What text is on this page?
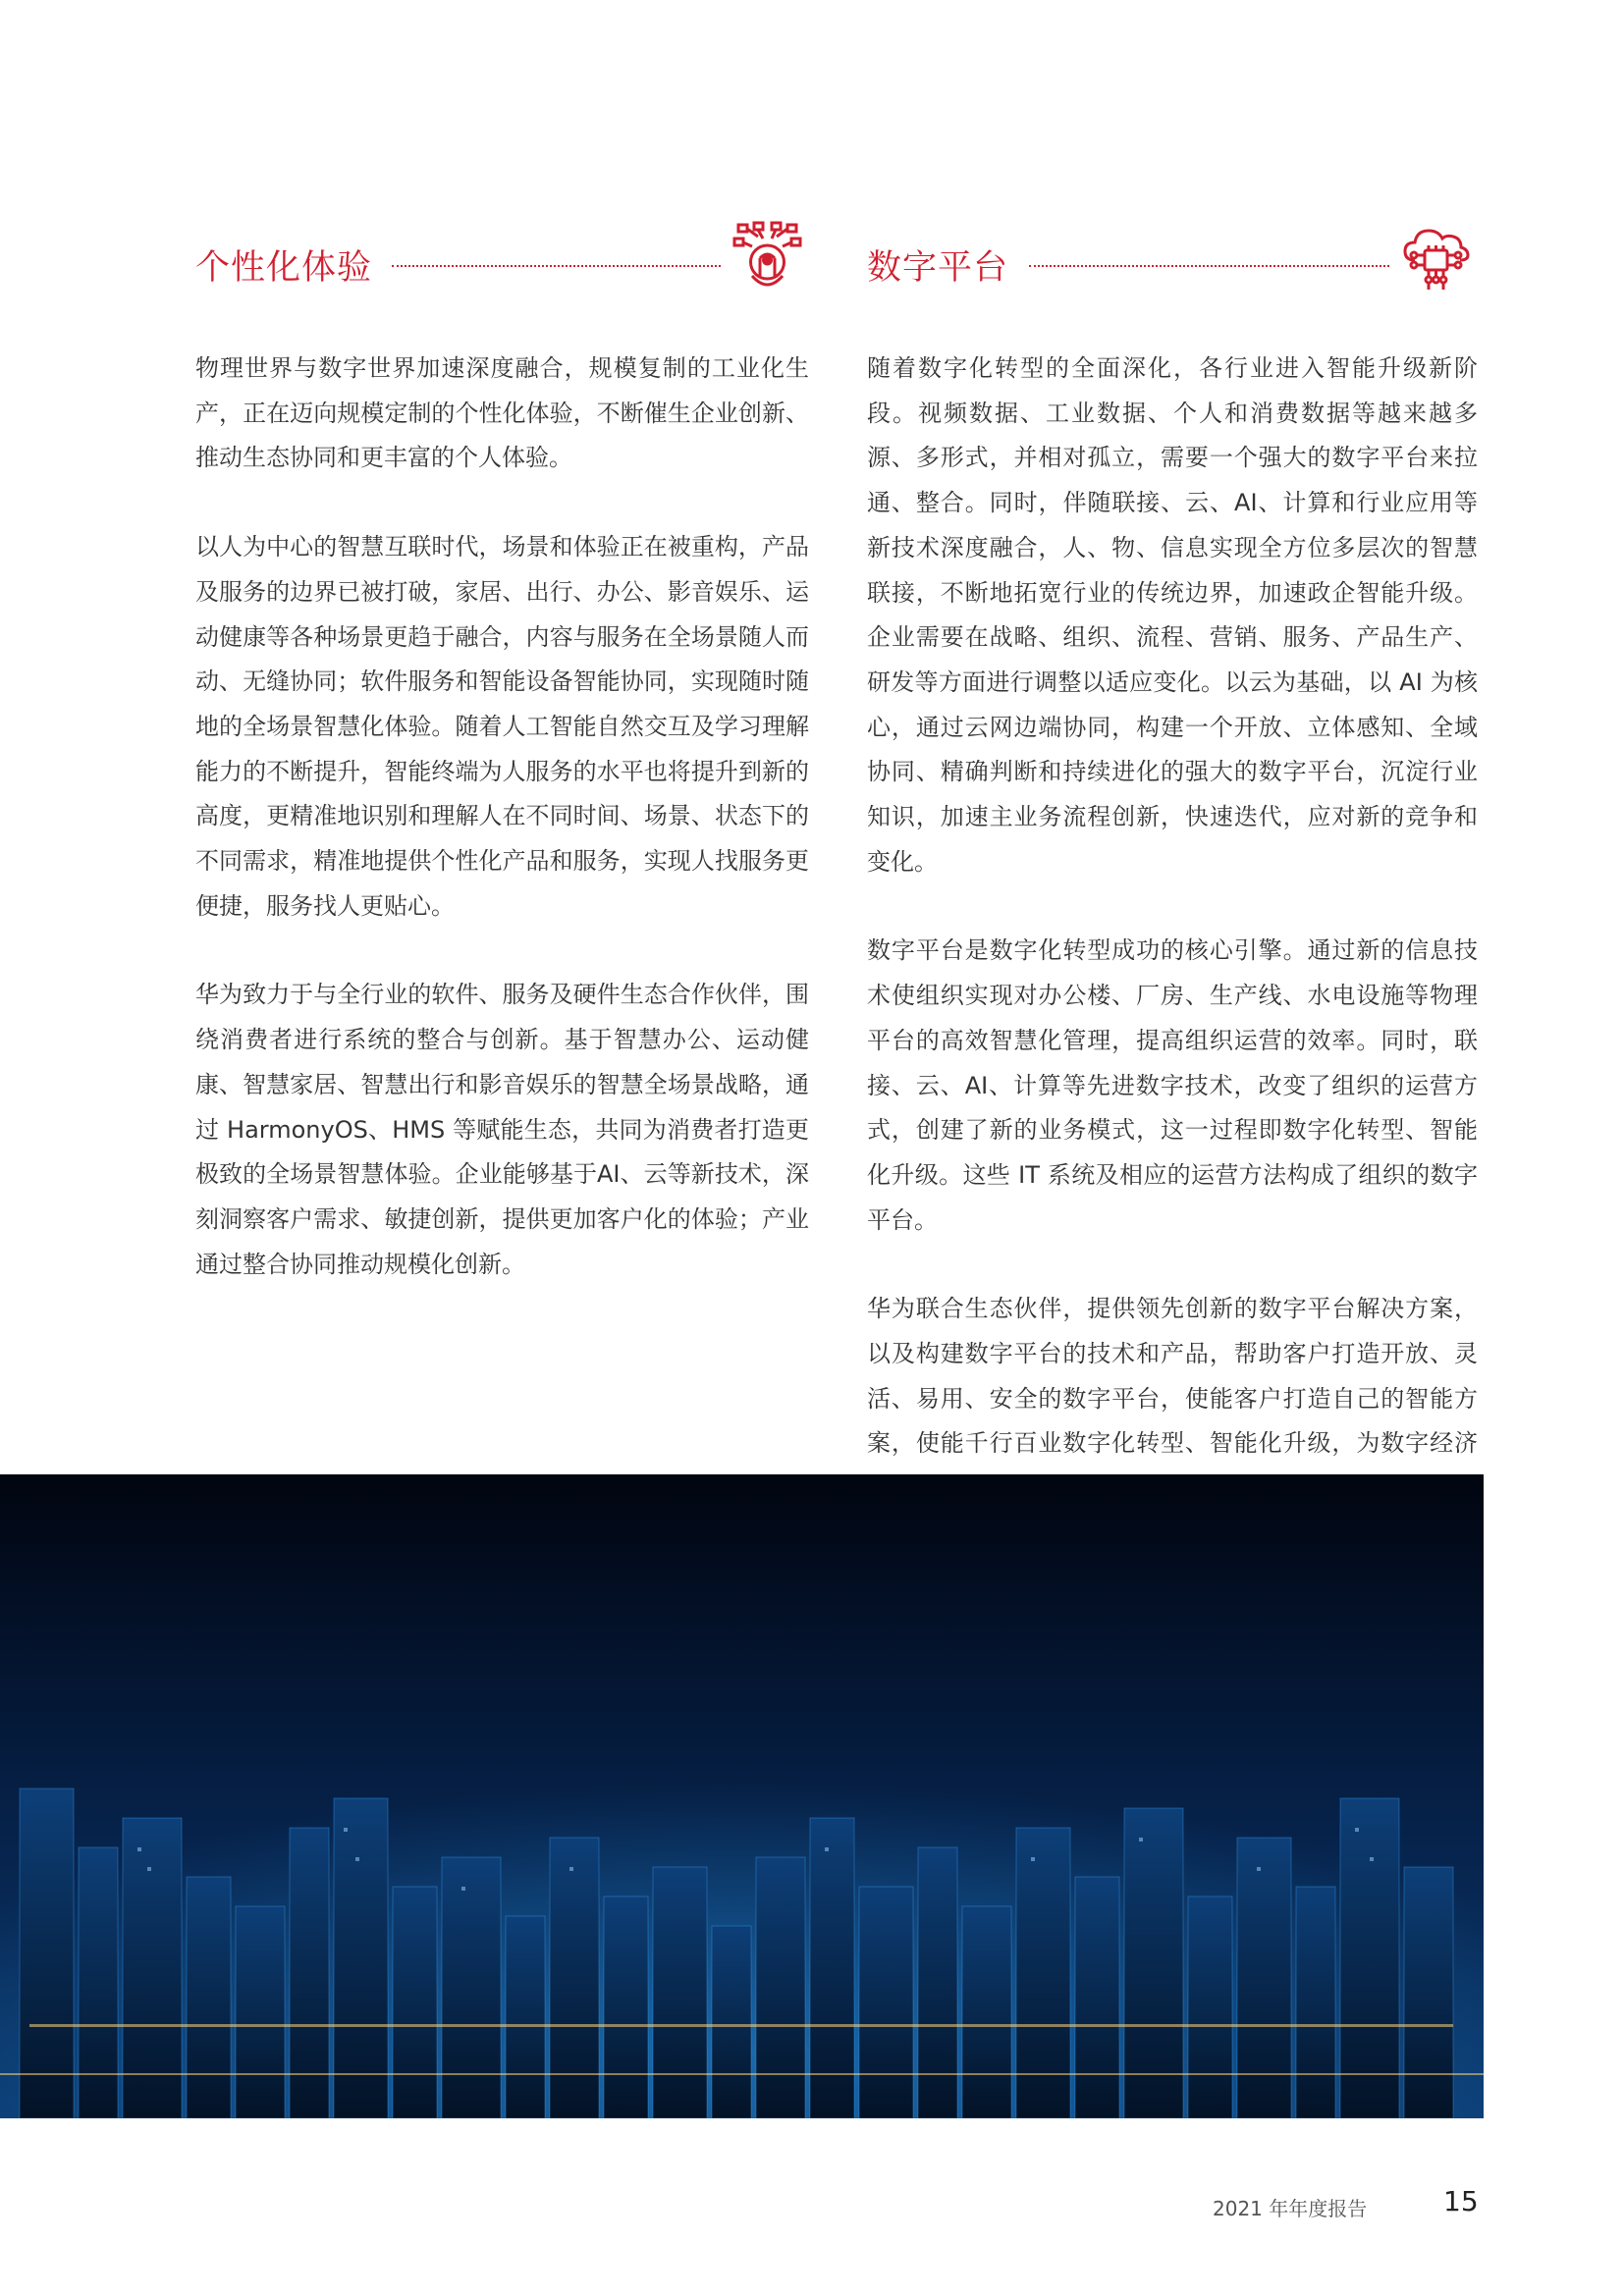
个性化体验

物理世界与数字世界加速深度融合，规模复制的工业化生产，正在迈向规模定制的个性化体验，不断催生企业创新、推动生态协同和更丰富的个人体验。

以人为中心的智慧互联时代，场景和体验正在被重构，产品及服务的边界已被打破，家居、出行、办公、影音娱乐、运动健康等各种场景更趋于融合，内容与服务在全场景随人而动、无缝协同；软件服务和智能设备智能协同，实现随时随地的全场景智慧化体验。随着人工智能自然交互及学习理解能力的不断提升，智能终端为人服务的水平也将提升到新的高度，更精准地识别和理解人在不同时间、场景、状态下的不同需求，精准地提供个性化产品和服务，实现人找服务更便捷，服务找人更贴心。

华为致力于与全行业的软件、服务及硬件生态合作伙伴，围绕消费者进行系统的整合与创新。基于智慧办公、运动健康、智慧家居、智慧出行和影音娱乐的智慧全场景战略，通过 HarmonyOS、HMS 等赋能生态，共同为消费者打造更极致的全场景智慧体验。企业能够基于AI、云等新技术，深刻洞察客户需求、敏捷创新，提供更加客户化的体验；产业通过整合协同推动规模化创新。

数字平台

随着数字化转型的全面深化，各行业进入智能升级新阶段。视频数据、工业数据、个人和消费数据等越来越多源、多形式，并相对孤立，需要一个强大的数字平台来拉通、整合。同时，伴随联接、云、AI、计算和行业应用等新技术深度融合，人、物、信息实现全方位多层次的智慧联接，不断地拓宽行业的传统边界，加速政企智能升级。企业需要在战略、组织、流程、营销、服务、产品生产、研发等方面进行调整以适应变化。以云为基础，以 AI 为核心，通过云网边端协同，构建一个开放、立体感知、全域协同、精确判断和持续进化的强大的数字平台，沉淀行业知识，加速主业务流程创新，快速迭代，应对新的竞争和变化。

数字平台是数字化转型成功的核心引擎。通过新的信息技术使组织实现对办公楼、厂房、生产线、水电设施等物理平台的高效智慧化管理，提高组织运营的效率。同时，联接、云、AI、计算等先进数字技术，改变了组织的运营方式，创建了新的业务模式，这一过程即数字化转型、智能化升级。这些 IT 系统及相应的运营方法构成了组织的数字平台。

华为联合生态伙伴，提供领先创新的数字平台解决方案，以及构建数字平台的技术和产品，帮助客户打造开放、灵活、易用、安全的数字平台，使能客户打造自己的智能方案，使能千行百业数字化转型、智能化升级，为数字经济

2021 年年度报告	15
